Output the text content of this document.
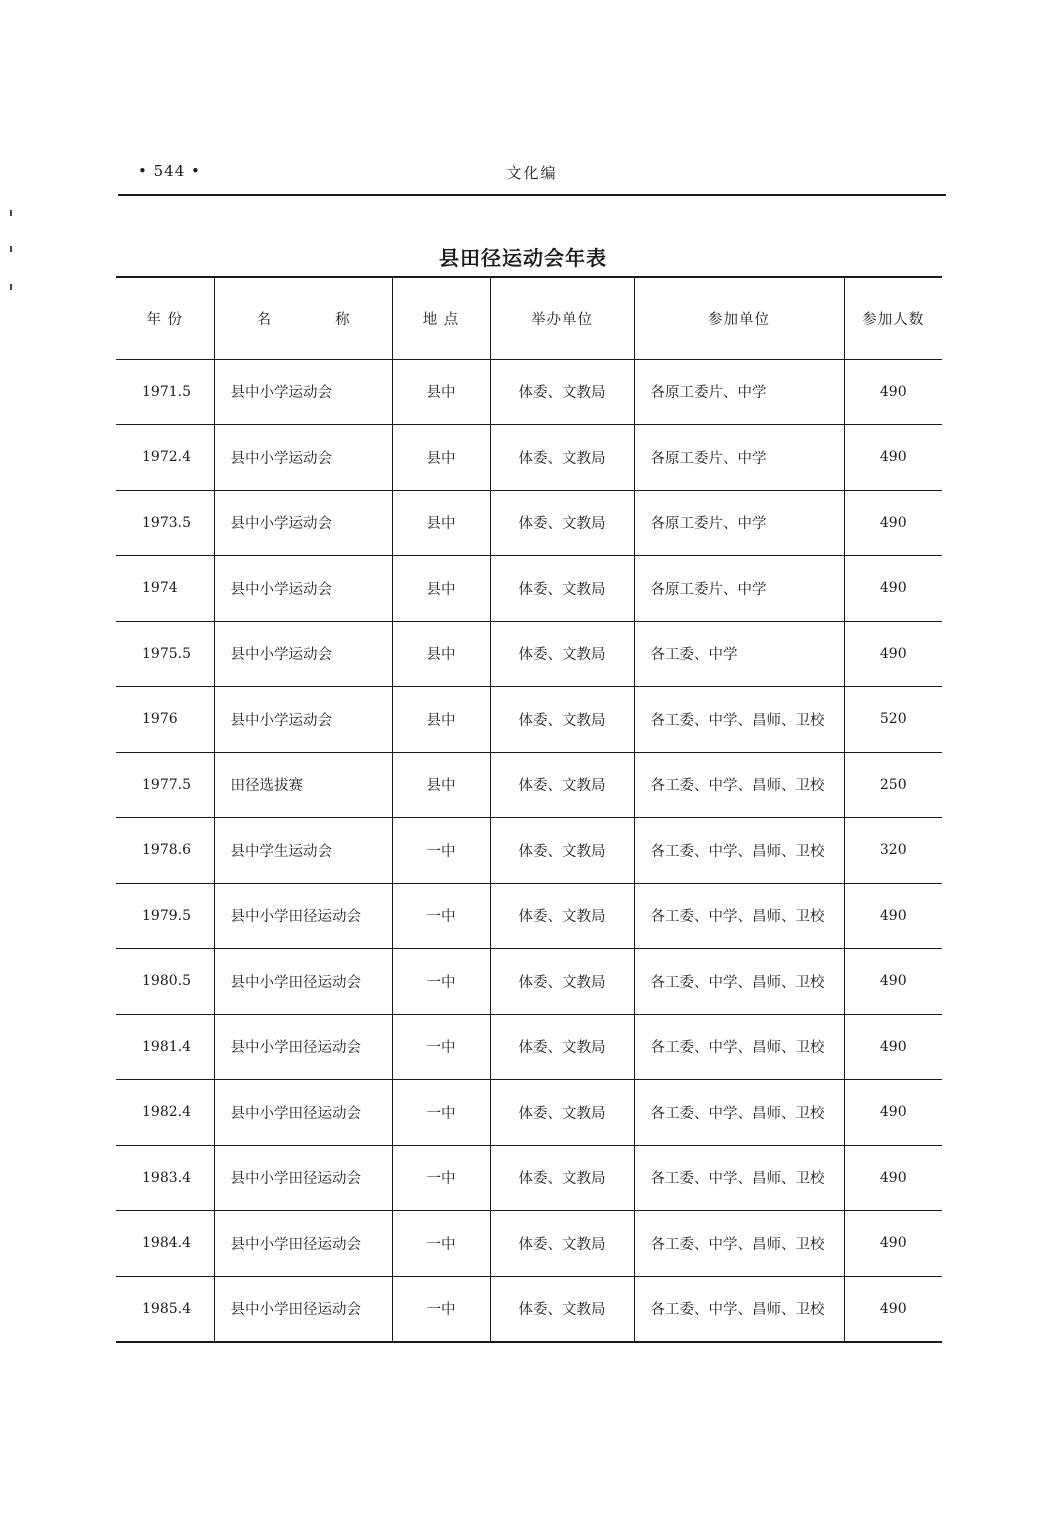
• 544 •	文化编
县田径运动会年表
年 份	名 称	地 点	举办单位	参加单位	参加人数
1971.5	县中小学运动会	县中	体委、文教局	各原工委片、中学	490
1972.4	县中小学运动会	县中	体委、文教局	各原工委片、中学	490
1973.5	县中小学运动会	县中	体委、文教局	各原工委片、中学	490
1974	县中小学运动会	县中	体委、文教局	各原工委片、中学	490
1975.5	县中小学运动会	县中	体委、文教局	各工委、中学	490
1976	县中小学运动会	县中	体委、文教局	各工委、中学、昌师、卫校	520
1977.5	田径选拔赛	县中	体委、文教局	各工委、中学、昌师、卫校	250
1978.6	县中学生运动会	一中	体委、文教局	各工委、中学、昌师、卫校	320
1979.5	县中小学田径运动会	一中	体委、文教局	各工委、中学、昌师、卫校	490
1980.5	县中小学田径运动会	一中	体委、文教局	各工委、中学、昌师、卫校	490
1981.4	县中小学田径运动会	一中	体委、文教局	各工委、中学、昌师、卫校	490
1982.4	县中小学田径运动会	一中	体委、文教局	各工委、中学、昌师、卫校	490
1983.4	县中小学田径运动会	一中	体委、文教局	各工委、中学、昌师、卫校	490
1984.4	县中小学田径运动会	一中	体委、文教局	各工委、中学、昌师、卫校	490
1985.4	县中小学田径运动会	一中	体委、文教局	各工委、中学、昌师、卫校	490
